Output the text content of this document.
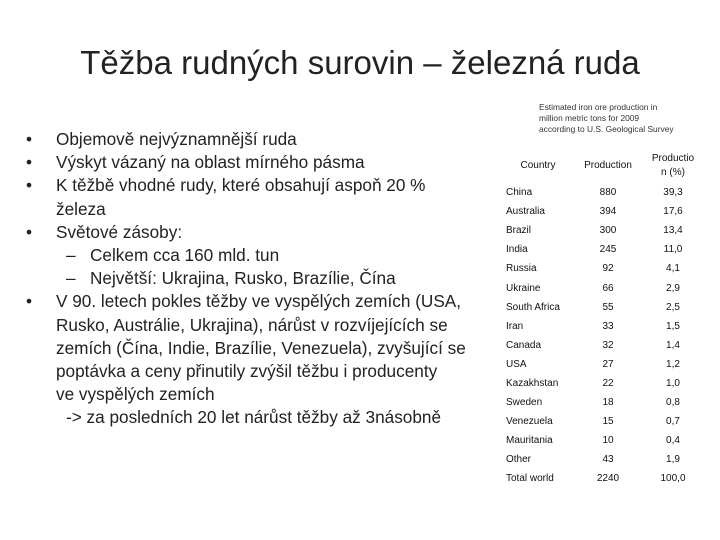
Těžba rudných surovin – železná ruda
• Objemově nejvýznamnější ruda
• Výskyt vázaný na oblast mírného pásma
• K těžbě vhodné rudy, které obsahují aspoň 20 %
železa
• Světové zásoby:
– Celkem cca 160 mld. tun
– Největší: Ukrajina, Rusko, Brazílie, Čína
• V 90. letech pokles těžby ve vyspělých zemích (USA,
Rusko, Austrálie, Ukrajina), nárůst v rozvíjejících se
zemích (Čína, Indie, Brazílie, Venezuela), zvyšující se
poptávka a ceny přinutily zvýšil těžbu i producenty
ve vyspělých zemích
-> za posledních 20 let nárůst těžby až 3násobně
Estimated iron ore production in
million metric tons for 2009
according to U.S. Geological Survey
Country	Production	Productio
n (%)

China	880	39,3
Australia	394	17,6
Brazil	300	13,4
India	245	11,0
Russia	92	4,1
Ukraine	66	2,9
South Africa	55	2,5
Iran	33	1,5
Canada	32	1,4
USA	27	1,2
Kazakhstan	22	1,0
Sweden	18	0,8
Venezuela	15	0,7
Mauritania	10	0,4
Other	43	1,9
Total world	2240	100,0
